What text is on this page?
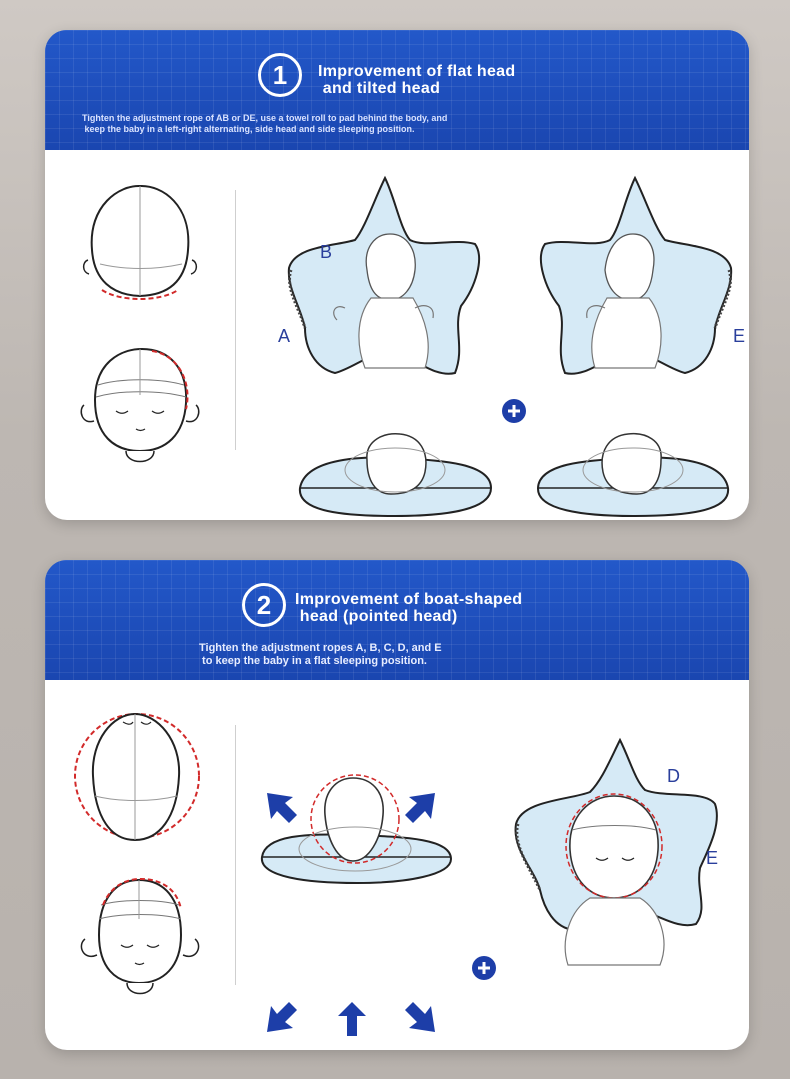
1	Improvement of flat head
and tilted head
Tighten the adjustment rope of AB or DE, use a towel roll to pad behind the body, and
keep the baby in a left-right alternating, side head and side sleeping position.
B
A	E
2	Improvement of boat-shaped
head (pointed head)
Tighten the adjustment ropes A, B, C, D, and E
to keep the baby in a flat sleeping position.
D
E
